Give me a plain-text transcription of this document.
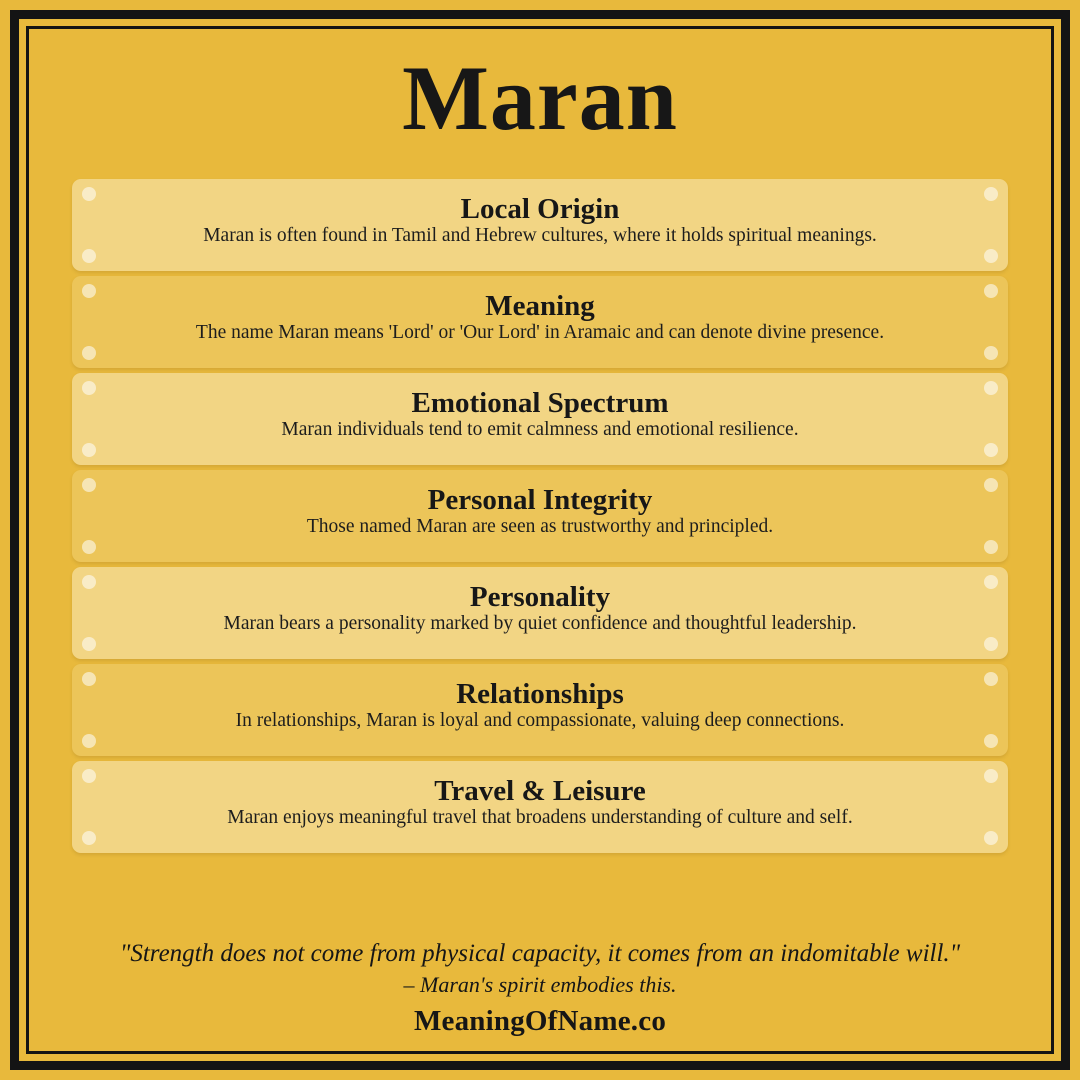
Maran
Local Origin
Maran is often found in Tamil and Hebrew cultures, where it holds spiritual meanings.
Meaning
The name Maran means 'Lord' or 'Our Lord' in Aramaic and can denote divine presence.
Emotional Spectrum
Maran individuals tend to emit calmness and emotional resilience.
Personal Integrity
Those named Maran are seen as trustworthy and principled.
Personality
Maran bears a personality marked by quiet confidence and thoughtful leadership.
Relationships
In relationships, Maran is loyal and compassionate, valuing deep connections.
Travel & Leisure
Maran enjoys meaningful travel that broadens understanding of culture and self.
"Strength does not come from physical capacity, it comes from an indomitable will."
– Maran's spirit embodies this.
MeaningOfName.co
